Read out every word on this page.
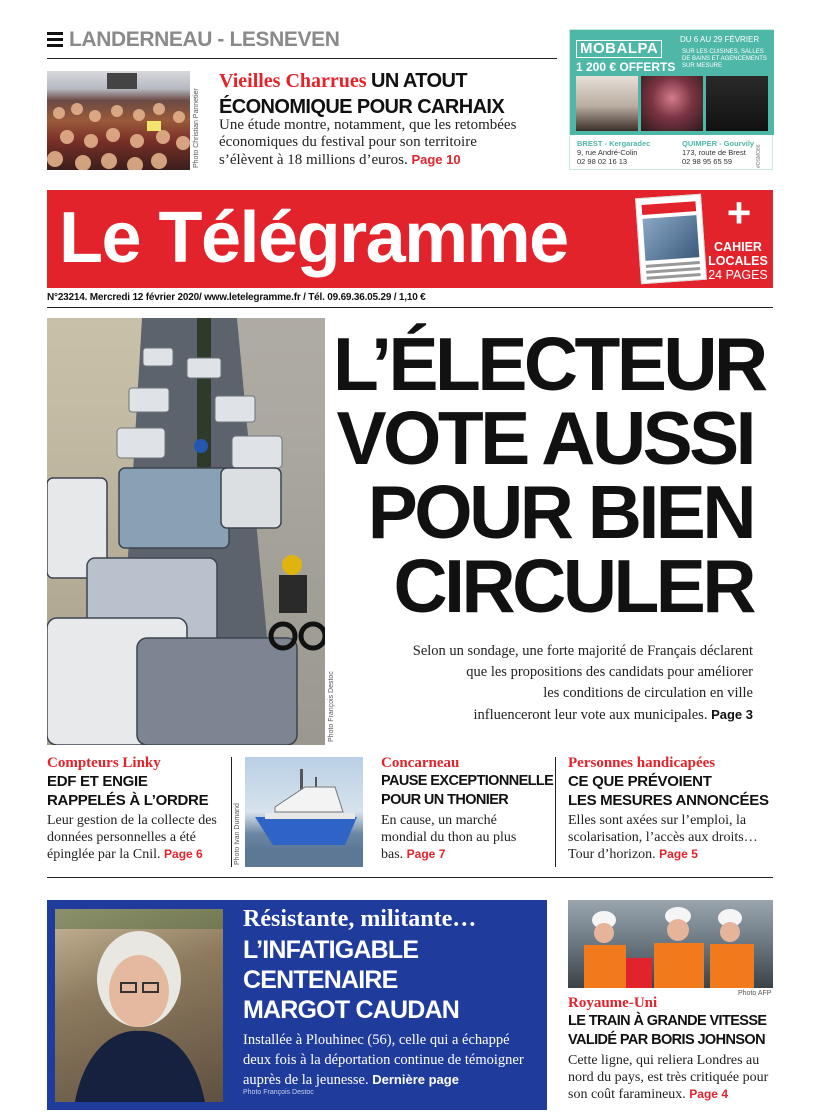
LANDERNEAU - LESNEVEN
Photo Christian Pannetier
Vieilles Charrues UN ATOUT
ÉCONOMIQUE POUR CARHAIX
Une étude montre, notamment, que les retombées économiques du festival pour son territoire s’élèvent à 18 millions d’euros. Page 10
MOBALPA
1 200 € OFFERTS
DU 6 AU 29 FÉVRIER
SUR LES CUISINES, SALLES DE BAINS ET AGENCEMENTS SUR MESURE
BREST - Kergaradec
9, rue André-Colin
02 98 02 16 13
QUIMPER - Gourvily
173, route de Brest
02 98 95 65 59	#OSMO86
Le Télégramme	+
CAHIER
LOCALES
24 PAGES
N°23214. Mercredi 12 février 2020/ www.letelegramme.fr / Tél. 09.69.36.05.29 / 1,10 €
Photo François Destoc
L’ÉLECTEUR
VOTE AUSSI
POUR BIEN
CIRCULER
Selon un sondage, une forte majorité de Français déclarent
que les propositions des candidats pour améliorer
les conditions de circulation en ville
influenceront leur vote aux municipales. Page 3
Compteurs Linky
EDF ET ENGIE
RAPPELÉS À L’ORDRE
Leur gestion de la collecte des données personnelles a été épinglée par la Cnil. Page 6	Photo Ivan Dumand
Concarneau
PAUSE EXCEPTIONNELLE
POUR UN THONIER
En cause, un marché mondial du thon au plus bas. Page 7
Personnes handicapées
CE QUE PRÉVOIENT
LES MESURES ANNONCÉES
Elles sont axées sur l’emploi, la scolarisation, l’accès aux droits… Tour d’horizon. Page 5
Photo François Destoc
Résistante, militante…
L’INFATIGABLE
CENTENAIRE
MARGOT CAUDAN
Installée à Plouhinec (56), celle qui a échappé deux fois à la déportation continue de témoigner auprès de la jeunesse. Dernière page
Photo AFP
Royaume-Uni
LE TRAIN À GRANDE VITESSE
VALIDÉ PAR BORIS JOHNSON
Cette ligne, qui reliera Londres au nord du pays, est très critiquée pour son coût faramineux. Page 4
